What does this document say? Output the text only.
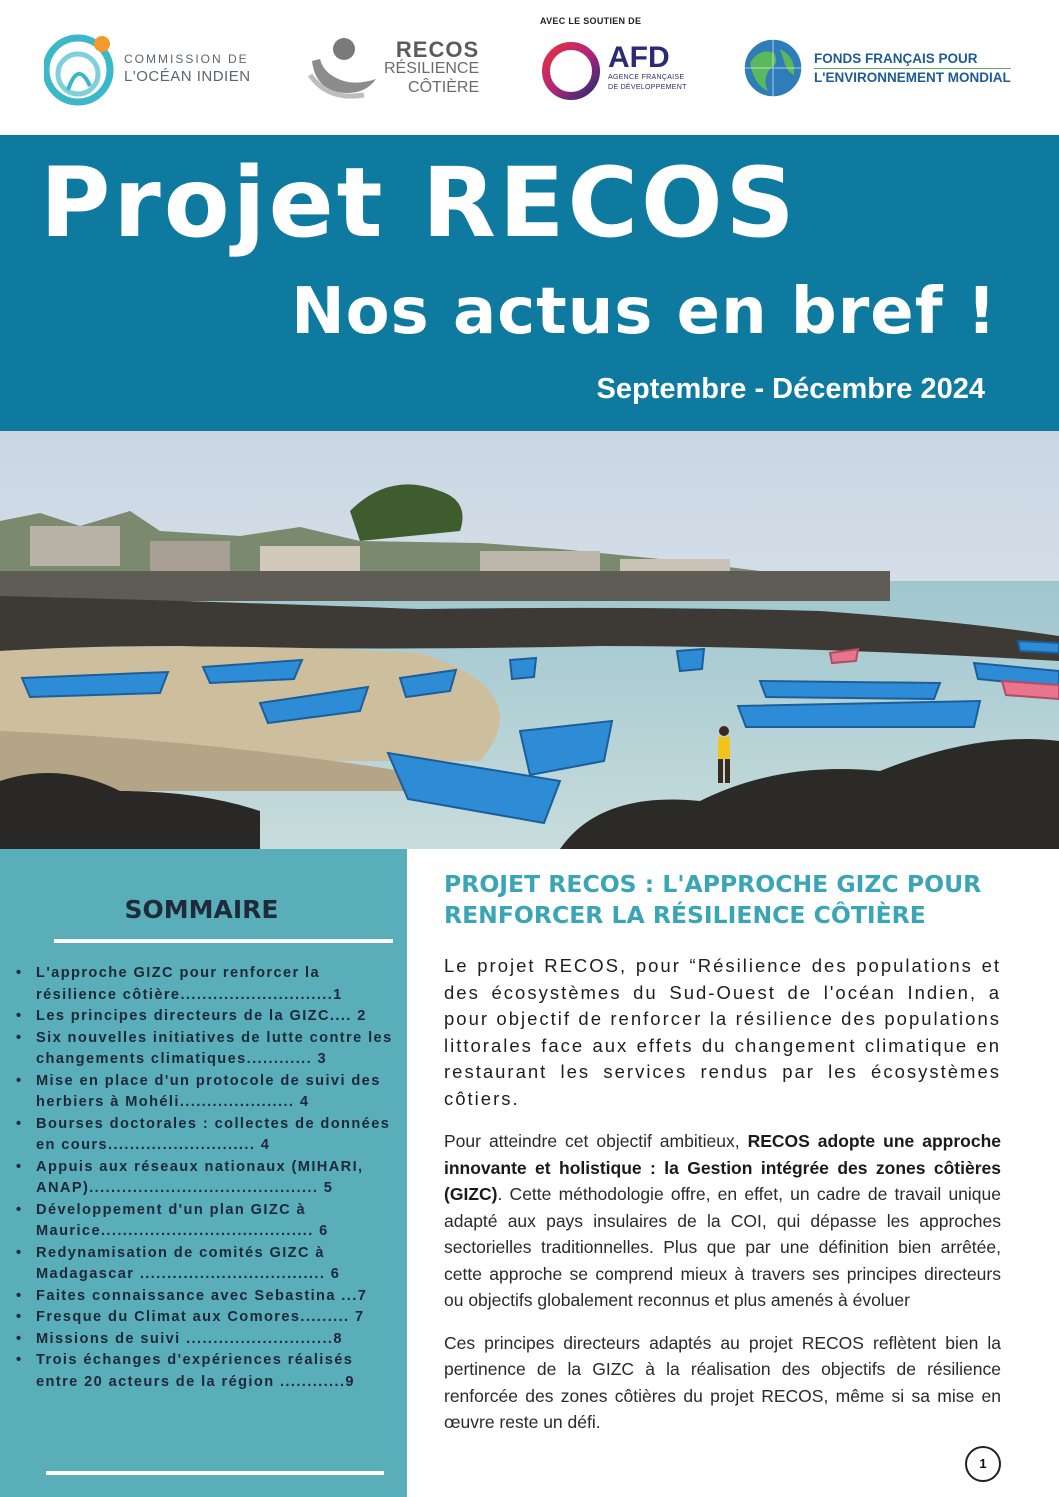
COMMISSION DE
L'OCÉAN INDIEN
RECOS
RÉSILIENCE
CÔTIÈRE
AVEC LE SOUTIEN DE
AFD
AGENCE FRANÇAISE
DE DÉVELOPPEMENT
FONDS FRANÇAIS POUR
L'ENVIRONNEMENT MONDIAL
Projet RECOS
Nos actus en bref !
Septembre - Décembre 2024
SOMMAIRE
• L'approche GIZC pour renforcer la résilience côtière............................1
• Les principes directeurs de la GIZC.... 2
• Six nouvelles initiatives de lutte contre les changements climatiques............ 3
• Mise en place d'un protocole de suivi des herbiers à Mohéli..................... 4
• Bourses doctorales : collectes de données en cours........................... 4
• Appuis aux réseaux nationaux (MIHARI, ANAP).......................................... 5
• Développement d'un plan GIZC à Maurice....................................... 6
• Redynamisation de comités GIZC à Madagascar .................................. 6
• Faites connaissance avec Sebastina ...7
• Fresque du Climat aux Comores......... 7
• Missions de suivi ...........................8
• Trois échanges d'expériences réalisés entre 20 acteurs de la région ............9
PROJET RECOS : L'APPROCHE GIZC POUR RENFORCER LA RÉSILIENCE CÔTIÈRE

Le projet RECOS, pour “Résilience des populations et des écosystèmes du Sud-Ouest de l'océan Indien, a pour objectif de renforcer la résilience des populations littorales face aux effets du changement climatique en restaurant les services rendus par les écosystèmes côtiers.

Pour atteindre cet objectif ambitieux, RECOS adopte une approche innovante et holistique : la Gestion intégrée des zones côtières (GIZC). Cette méthodologie offre, en effet, un cadre de travail unique adapté aux pays insulaires de la COI, qui dépasse les approches sectorielles traditionnelles. Plus que par une définition bien arrêtée, cette approche se comprend mieux à travers ses principes directeurs ou objectifs globalement reconnus et plus amenés à évoluer

Ces principes directeurs adaptés au projet RECOS reflètent bien la pertinence de la GIZC à la réalisation des objectifs de résilience renforcée des zones côtières du projet RECOS, même si sa mise en œuvre reste un défi.

1
